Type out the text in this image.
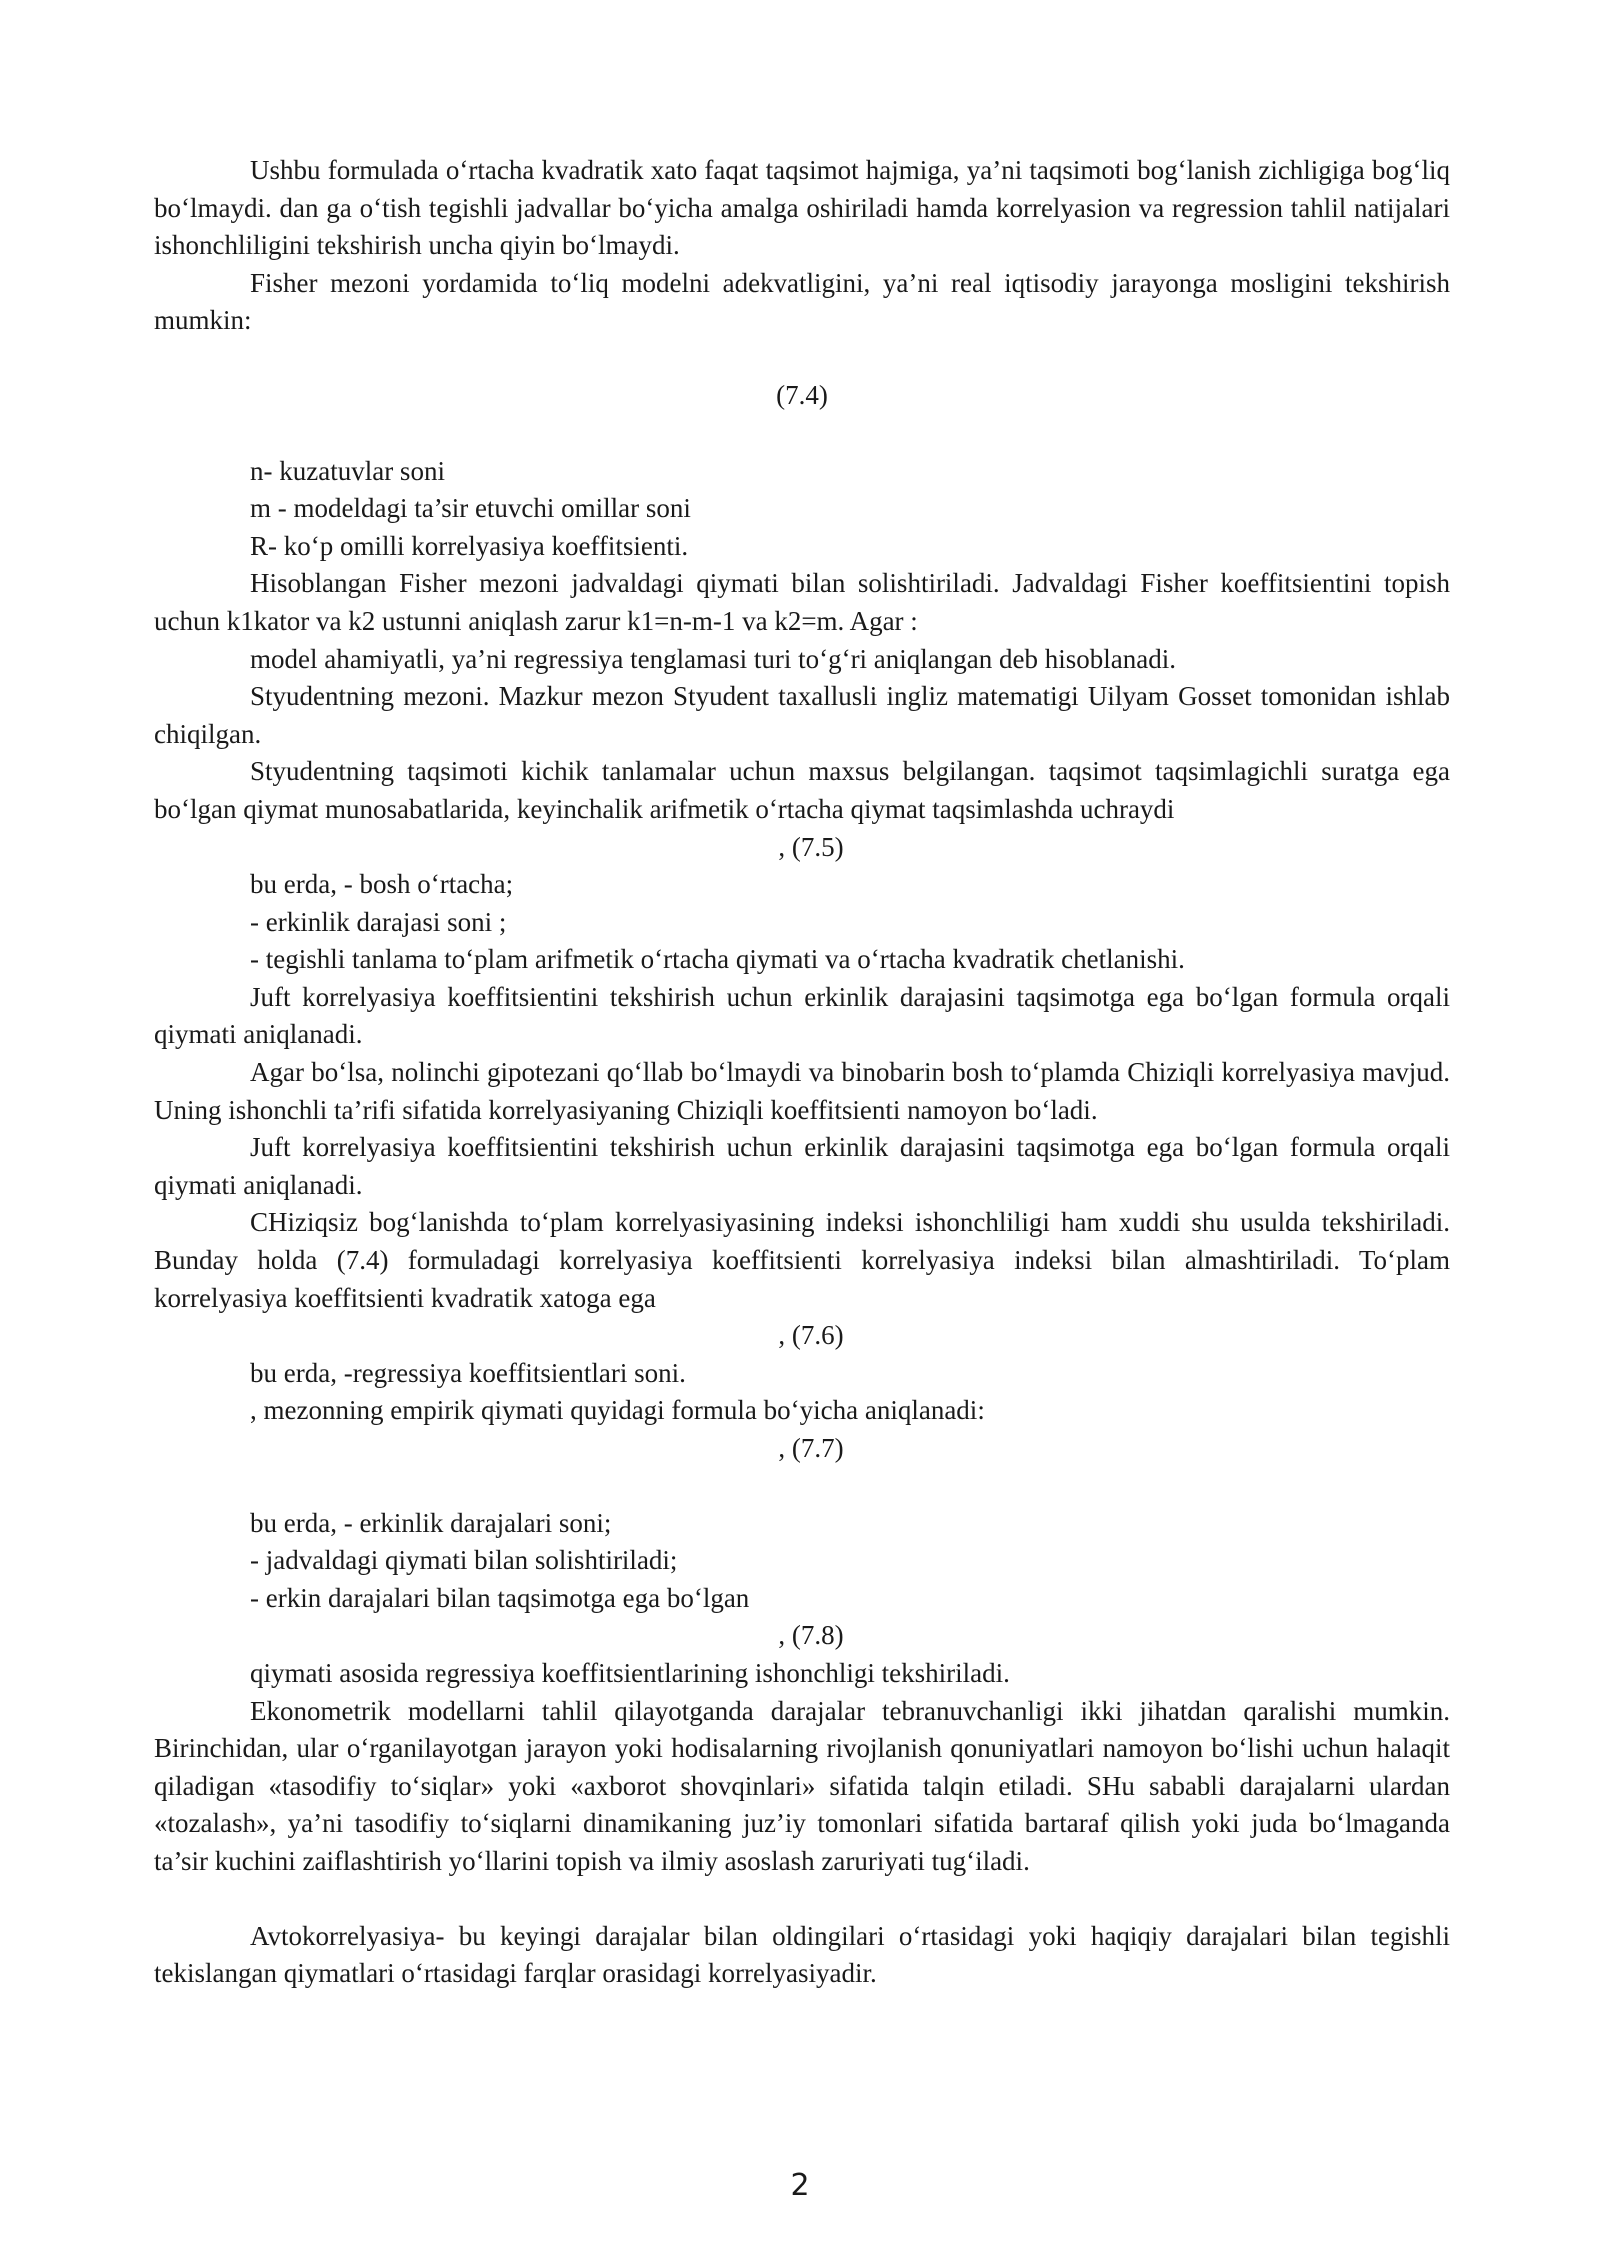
Ushbu formulada o‘rtacha kvadratik xato faqat taqsimot hajmiga, ya’ni taqsimoti bog‘lanish zichligiga bog‘liq bo‘lmaydi. dan ga o‘tish tegishli jadvallar bo‘yicha amalga oshiriladi hamda korrelyasion va regression tahlil natijalari ishonchliligini tekshirish uncha qiyin bo‘lmaydi.

Fisher mezoni yordamida to‘liq modelni adekvatligini, ya’ni real iqtisodiy jarayonga mosligini tekshirish mumkin:

(7.4)

n- kuzatuvlar soni

m - modeldagi ta’sir etuvchi omillar soni

R- ko‘p omilli korrelyasiya koeffitsienti.

Hisoblangan Fisher mezoni jadvaldagi qiymati bilan solishtiriladi. Jadvaldagi Fisher koeffitsientini topish uchun k1kator va k2 ustunni aniqlash zarur k1=n-m-1 va k2=m. Agar :

model ahamiyatli, ya’ni regressiya tenglamasi turi to‘g‘ri aniqlangan deb hisoblanadi.

Styudentning mezoni. Mazkur mezon Styudent taxallusli ingliz matematigi Uilyam Gosset tomonidan ishlab chiqilgan.

Styudentning taqsimoti kichik tanlamalar uchun maxsus belgilangan. taqsimot taqsimlagichli suratga ega bo‘lgan qiymat munosabatlarida, keyinchalik arifmetik o‘rtacha qiymat taqsimlashda uchraydi

, (7.5)

bu erda, - bosh o‘rtacha;

- erkinlik darajasi soni ;

- tegishli tanlama to‘plam arifmetik o‘rtacha qiymati va o‘rtacha kvadratik chetlanishi.

Juft korrelyasiya koeffitsientini tekshirish uchun erkinlik darajasini taqsimotga ega bo‘lgan formula orqali qiymati aniqlanadi.

Agar bo‘lsa, nolinchi gipotezani qo‘llab bo‘lmaydi va binobarin bosh to‘plamda Chiziqli korrelyasiya mavjud. Uning ishonchli ta’rifi sifatida korrelyasiyaning Chiziqli koeffitsienti namoyon bo‘ladi.

Juft korrelyasiya koeffitsientini tekshirish uchun erkinlik darajasini taqsimotga ega bo‘lgan formula orqali qiymati aniqlanadi.

CHiziqsiz bog‘lanishda to‘plam korrelyasiyasining indeksi ishonchliligi ham xuddi shu usulda tekshiriladi. Bunday holda (7.4) formuladagi korrelyasiya koeffitsienti korrelyasiya indeksi bilan almashtiriladi. To‘plam korrelyasiya koeffitsienti kvadratik xatoga ega

, (7.6)

bu erda, -regressiya koeffitsientlari soni.

, mezonning empirik qiymati quyidagi formula bo‘yicha aniqlanadi:

, (7.7)

bu erda, - erkinlik darajalari soni;

- jadvaldagi qiymati bilan solishtiriladi;

- erkin darajalari bilan taqsimotga ega bo‘lgan

, (7.8)

qiymati asosida regressiya koeffitsientlarining ishonchligi tekshiriladi.

Ekonometrik modellarni tahlil qilayotganda darajalar tebranuvchanligi ikki jihatdan qaralishi mumkin. Birinchidan, ular o‘rganilayotgan jarayon yoki hodisalarning rivojlanish qonuniyatlari namoyon bo‘lishi uchun halaqit qiladigan «tasodifiy to‘siqlar» yoki «axborot shovqinlari» sifatida talqin etiladi. SHu sababli darajalarni ulardan «tozalash», ya’ni tasodifiy to‘siqlarni dinamikaning juz’iy tomonlari sifatida bartaraf qilish yoki juda bo‘lmaganda ta’sir kuchini zaiflashtirish yo‘llarini topish va ilmiy asoslash zaruriyati tug‘iladi.

Avtokorrelyasiya- bu keyingi darajalar bilan oldingilari o‘rtasidagi yoki haqiqiy darajalari bilan tegishli tekislangan qiymatlari o‘rtasidagi farqlar orasidagi korrelyasiyadir.

2
